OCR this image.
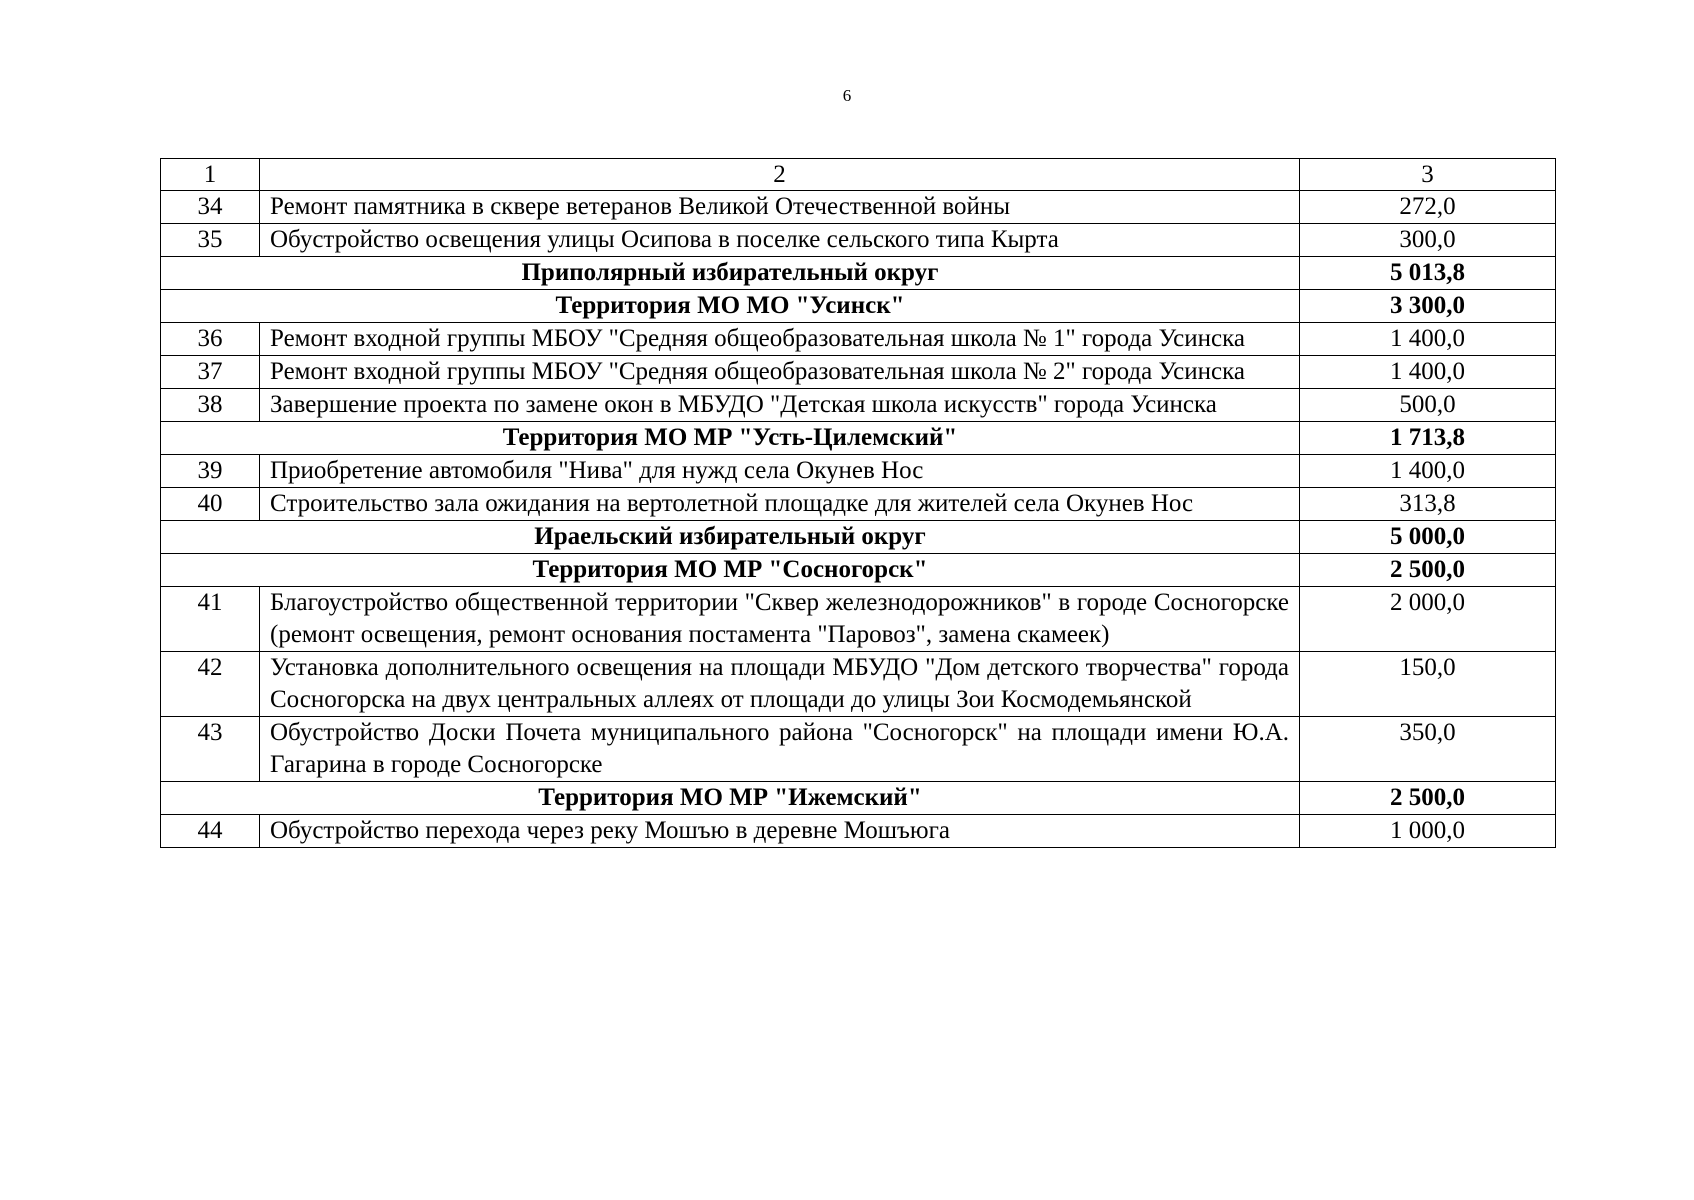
6
1	2	3
34	Ремонт памятника в сквере ветеранов Великой Отечественной войны	272,0
35	Обустройство освещения улицы Осипова в поселке сельского типа Кырта	300,0
Приполярный избирательный округ		5 013,8
Территория МО МО "Усинск"		3 300,0
36	Ремонт входной группы МБОУ "Средняя общеобразовательная школа № 1" города Усинска	1 400,0
37	Ремонт входной группы МБОУ "Средняя общеобразовательная школа № 2" города Усинска	1 400,0
38	Завершение проекта по замене окон в МБУДО "Детская школа искусств" города Усинска	500,0
Территория МО МР "Усть-Цилемский"		1 713,8
39	Приобретение автомобиля "Нива" для нужд села Окунев Нос	1 400,0
40	Строительство зала ожидания на вертолетной площадке для жителей села Окунев Нос	313,8
Ираельский избирательный округ		5 000,0
Территория МО МР "Сосногорск"		2 500,0
41	Благоустройство общественной территории "Сквер железнодорожников" в городе Сосногорске (ремонт освещения, ремонт основания постамента "Паровоз", замена скамеек)	2 000,0
42	Установка дополнительного освещения на площади МБУДО "Дом детского творчества" города Сосногорска на двух центральных аллеях от площади до улицы Зои Космодемьянской	150,0
43	Обустройство Доски Почета муниципального района "Сосногорск" на площади имени Ю.А. Гагарина в городе Сосногорске	350,0
Территория МО МР "Ижемский"		2 500,0
44	Обустройство перехода через реку Мошъю в деревне Мошъюга	1 000,0
